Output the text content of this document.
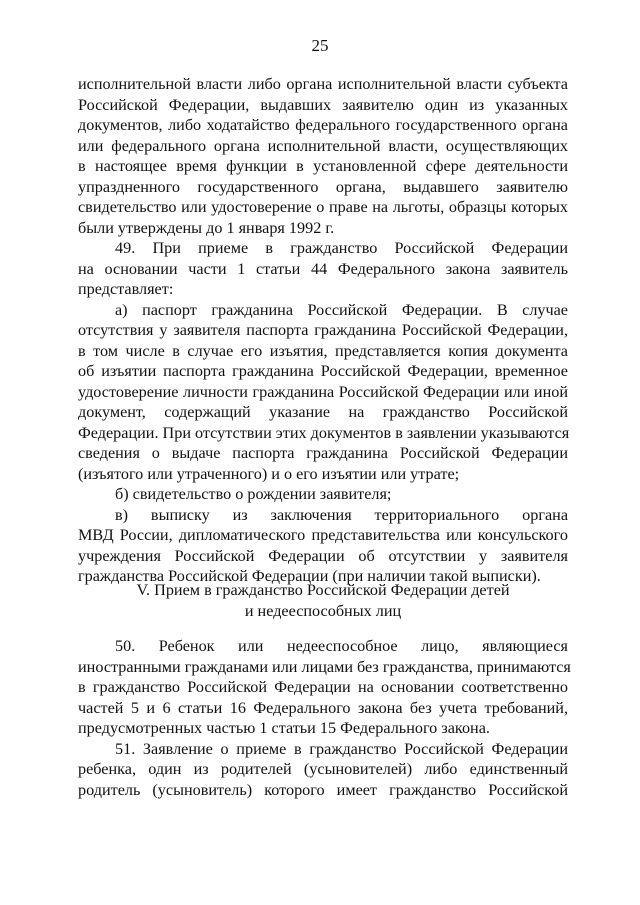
25
исполнительной власти либо органа исполнительной власти субъекта
Российской Федерации, выдавших заявителю один из указанных
документов, либо ходатайство федерального государственного органа
или федерального органа исполнительной власти, осуществляющих
в настоящее время функции в установленной сфере деятельности
упраздненного государственного органа, выдавшего заявителю
свидетельство или удостоверение о праве на льготы, образцы которых
были утверждены до 1 января 1992 г.
49. При приеме в гражданство Российской Федерации
на основании части 1 статьи 44 Федерального закона заявитель
представляет:
а) паспорт гражданина Российской Федерации. В случае
отсутствия у заявителя паспорта гражданина Российской Федерации,
в том числе в случае его изъятия, представляется копия документа
об изъятии паспорта гражданина Российской Федерации, временное
удостоверение личности гражданина Российской Федерации или иной
документ, содержащий указание на гражданство Российской
Федерации. При отсутствии этих документов в заявлении указываются
сведения о выдаче паспорта гражданина Российской Федерации
(изъятого или утраченного) и о его изъятии или утрате;
б) свидетельство о рождении заявителя;
в) выписку из заключения территориального органа
МВД России, дипломатического представительства или консульского
учреждения Российской Федерации об отсутствии у заявителя
гражданства Российской Федерации (при наличии такой выписки).
V. Прием в гражданство Российской Федерации детей
и недееспособных лиц
50. Ребенок или недееспособное лицо, являющиеся
иностранными гражданами или лицами без гражданства, принимаются
в гражданство Российской Федерации на основании соответственно
частей 5 и 6 статьи 16 Федерального закона без учета требований,
предусмотренных частью 1 статьи 15 Федерального закона.
51. Заявление о приеме в гражданство Российской Федерации
ребенка, один из родителей (усыновителей) либо единственный
родитель (усыновитель) которого имеет гражданство Российской
